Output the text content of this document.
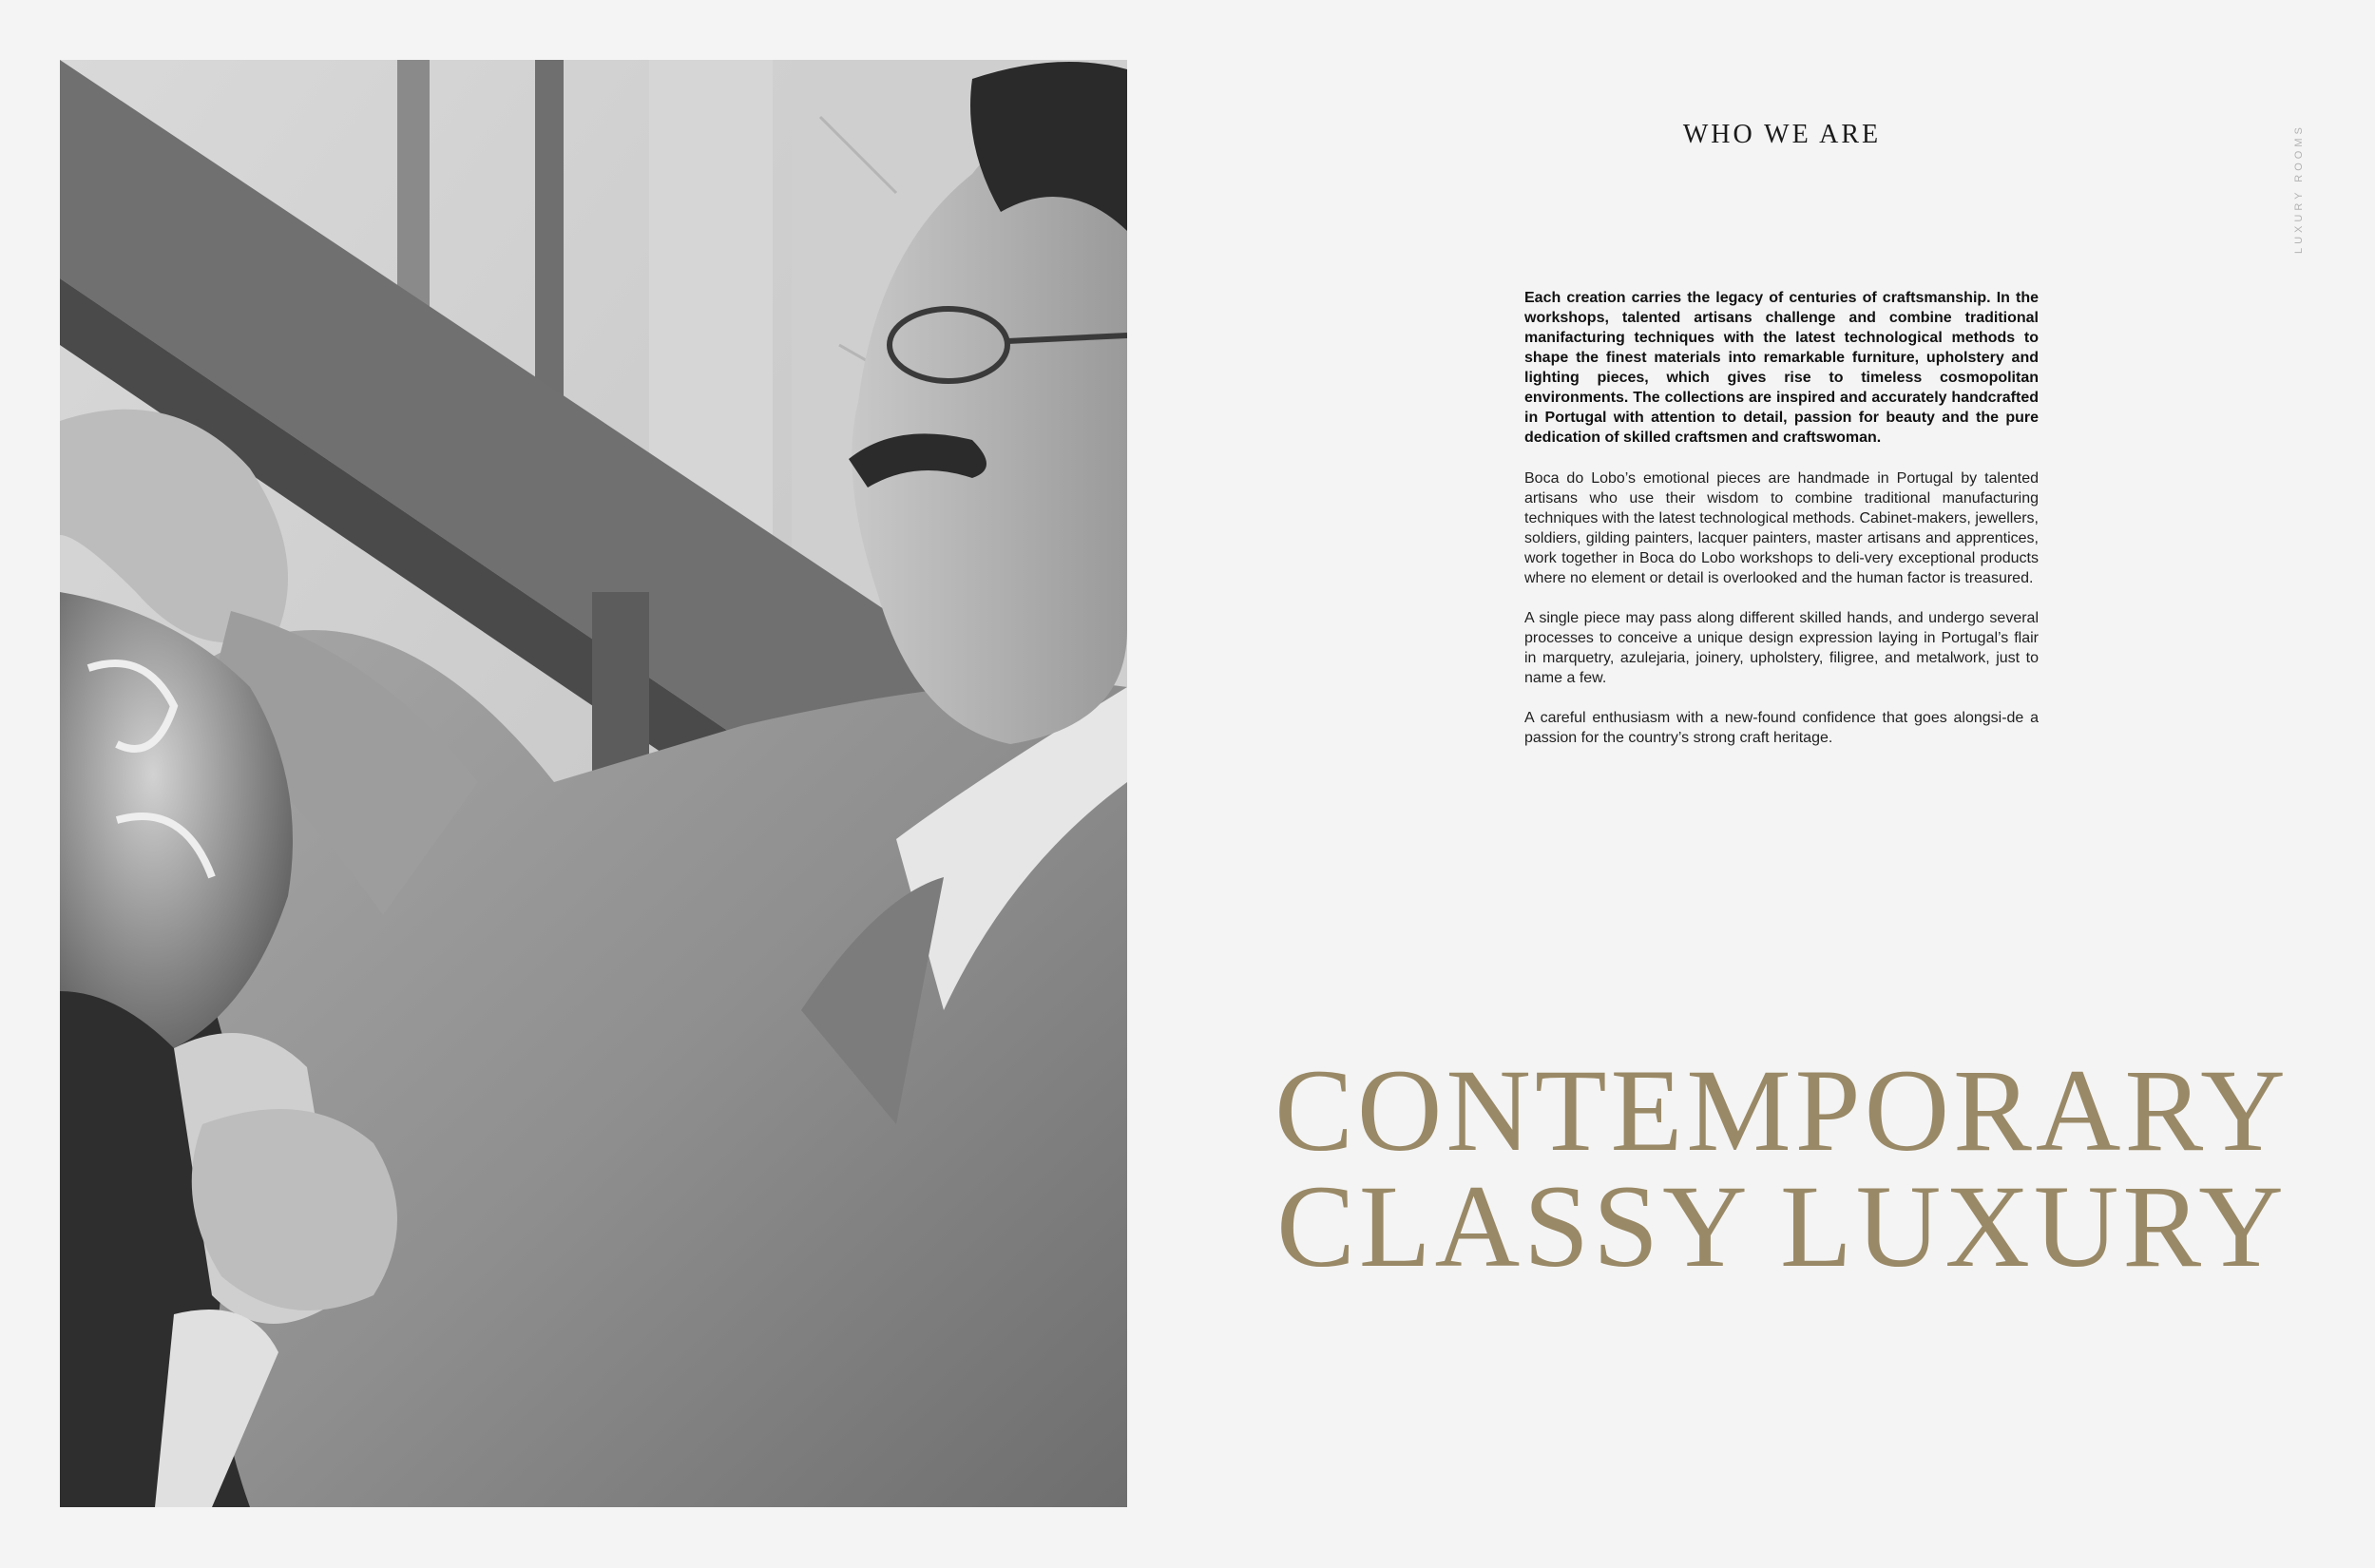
LUXURY ROOMS
WHO WE ARE

Each creation carries the legacy of centuries of craftsmanship. In the workshops, talented artisans challenge and combine traditional manifacturing techniques with the latest technological methods to shape the finest materials into remarkable furniture, upholstery and lighting pieces, which gives rise to timeless cosmopolitan environments. The collections are inspired and accurately handcrafted in Portugal with attention to detail, passion for beauty and the pure dedication of skilled craftsmen and craftswoman.

Boca do Lobo’s emotional pieces are handmade in Portugal by talented artisans who use their wisdom to combine traditional manufacturing techniques with the latest technological methods. Cabinet-makers, jewellers, soldiers, gilding painters, lacquer painters, master artisans and apprentices, work together in Boca do Lobo workshops to deli-very exceptional products where no element or detail is overlooked and the human factor is treasured.

A single piece may pass along different skilled hands, and undergo several processes to conceive a unique design expression laying in Portugal’s flair in marquetry, azulejaria, joinery, upholstery, filigree, and metalwork, just to name a few.

A careful enthusiasm with a new-found confidence that goes alongsi-de a passion for the country’s strong craft heritage.

CONTEMPORARY
CLASSY LUXURY
